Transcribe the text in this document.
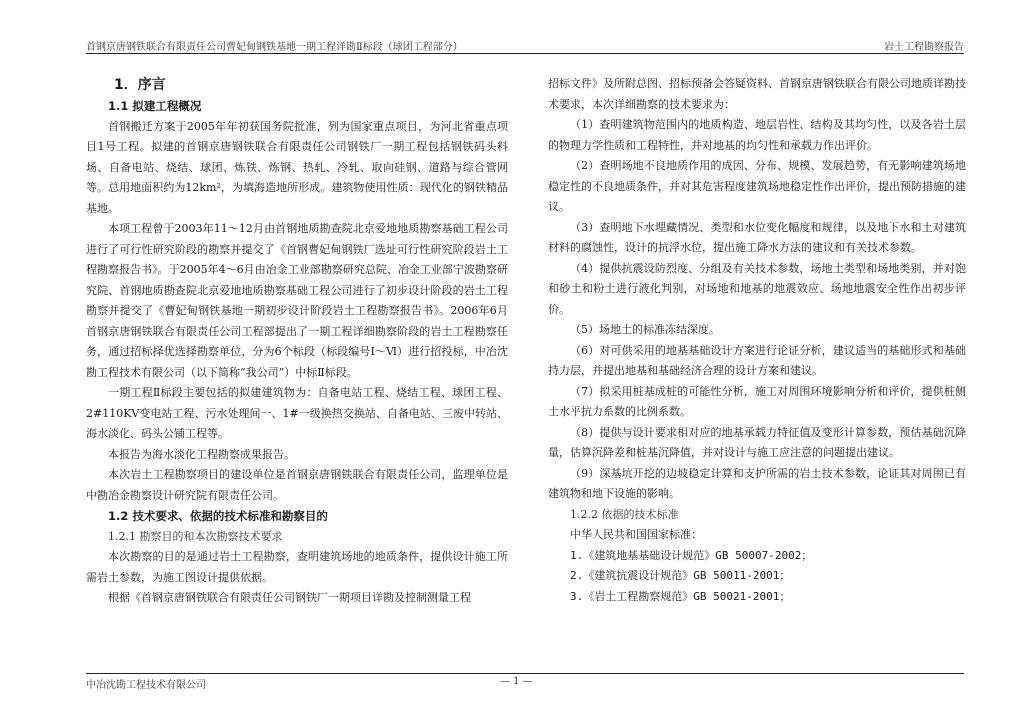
首钢京唐钢铁联合有限责任公司曹妃甸钢铁基地一期工程详勘Ⅱ标段（球团工程部分）	岩土工程勘察报告

1．序言

1.1 拟建工程概况

首钢搬迁方案于2005年年初获国务院批准，列为国家重点项目，为河北省重点项目1号工程。拟建的首钢京唐钢铁联合有限责任公司钢铁厂一期工程包括钢铁码头料场、自备电站、烧结、球团、炼铁、炼钢、热轧、冷轧、取向硅钢、道路与综合管网等。总用地面积约为12km²，为填海造地所形成。建筑物使用性质：现代化的钢铁精品基地。

本项工程曾于2003年11～12月由首钢地质勘查院北京爱地地质勘察基础工程公司进行了可行性研究阶段的勘察并提交了《首钢曹妃甸钢铁厂选址可行性研究阶段岩土工程勘察报告书》。于2005年4～6月由冶金工业部勘察研究总院、冶金工业部宁波勘察研究院、首钢地质勘查院北京爱地地质勘察基础工程公司进行了初步设计阶段的岩土工程勘察并提交了《曹妃甸钢铁基地一期初步设计阶段岩土工程勘察报告书》。2006年6月首钢京唐钢铁联合有限责任公司工程部提出了一期工程详细勘察阶段的岩土工程勘察任务，通过招标择优选择勘察单位，分为6个标段（标段编号Ⅰ～Ⅵ）进行招投标，中冶沈勘工程技术有限公司（以下简称“我公司”）中标Ⅱ标段。

一期工程Ⅱ标段主要包括的拟建建筑物为：自备电站工程、烧结工程、球团工程、2#110KV变电站工程、污水处理间一、1#一级换热交换站、自备电站、三废中转站、海水淡化、码头公铺工程等。

本报告为海水淡化工程勘察成果报告。

本次岩土工程勘察项目的建设单位是首钢京唐钢铁联合有限责任公司，监理单位是中勘冶金勘察设计研究院有限责任公司。

1.2 技术要求、依据的技术标准和勘察目的

1.2.1 勘察目的和本次勘察技术要求

本次勘察的目的是通过岩土工程勘察，查明建筑场地的地质条件，提供设计施工所需岩土参数，为施工图设计提供依据。

根据《首钢京唐钢铁联合有限责任公司钢铁厂一期项目详勘及控制测量工程

招标文件》及所附总图、招标预备会答疑资料、首钢京唐钢铁联合有限公司地质详勘技术要求，本次详细勘察的技术要求为：

（1）查明建筑物范围内的地质构造、地层岩性、结构及其均匀性，以及各岩土层的物理力学性质和工程特性，并对地基的均匀性和承载力作出评价。

（2）查明场地不良地质作用的成因、分布、规模、发展趋势，有无影响建筑场地稳定性的不良地质条件，并对其危害程度建筑场地稳定性作出评价，提出预防措施的建议。

（3）查明地下水埋藏情况、类型和水位变化幅度和规律，以及地下水和土对建筑材料的腐蚀性，设计的抗浮水位，提出施工降水方法的建议和有关技术参数。

（4）提供抗震设防烈度、分组及有关技术参数，场地土类型和场地类别，并对饱和砂土和粉土进行液化判别，对场地和地基的地震效应、场地地震安全性作出初步评价。

（5）场地土的标准冻结深度。

（6）对可供采用的地基基础设计方案进行论证分析，建议适当的基础形式和基础持力层，并提出地基和基础经济合理的设计方案和建议。

（7）拟采用桩基成桩的可能性分析，施工对周围环境影响分析和评价，提供桩侧土水平抗力系数的比例系数。

（8）提供与设计要求相对应的地基承载力特征值及变形计算参数，预估基础沉降量，估算沉降差和桩基沉降值，并对设计与施工应注意的问题提出建议。

（9）深基坑开挖的边坡稳定计算和支护所需的岩土技术参数，论证其对周围已有建筑物和地下设施的影响。

1.2.2 依据的技术标准

中华人民共和国国家标准：

1.《建筑地基基础设计规范》GB 50007-2002；

2.《建筑抗震设计规范》GB 50011-2001；

3.《岩土工程勘察规范》GB 50021-2001；

中冶沈勘工程技术有限公司	— 1 —
